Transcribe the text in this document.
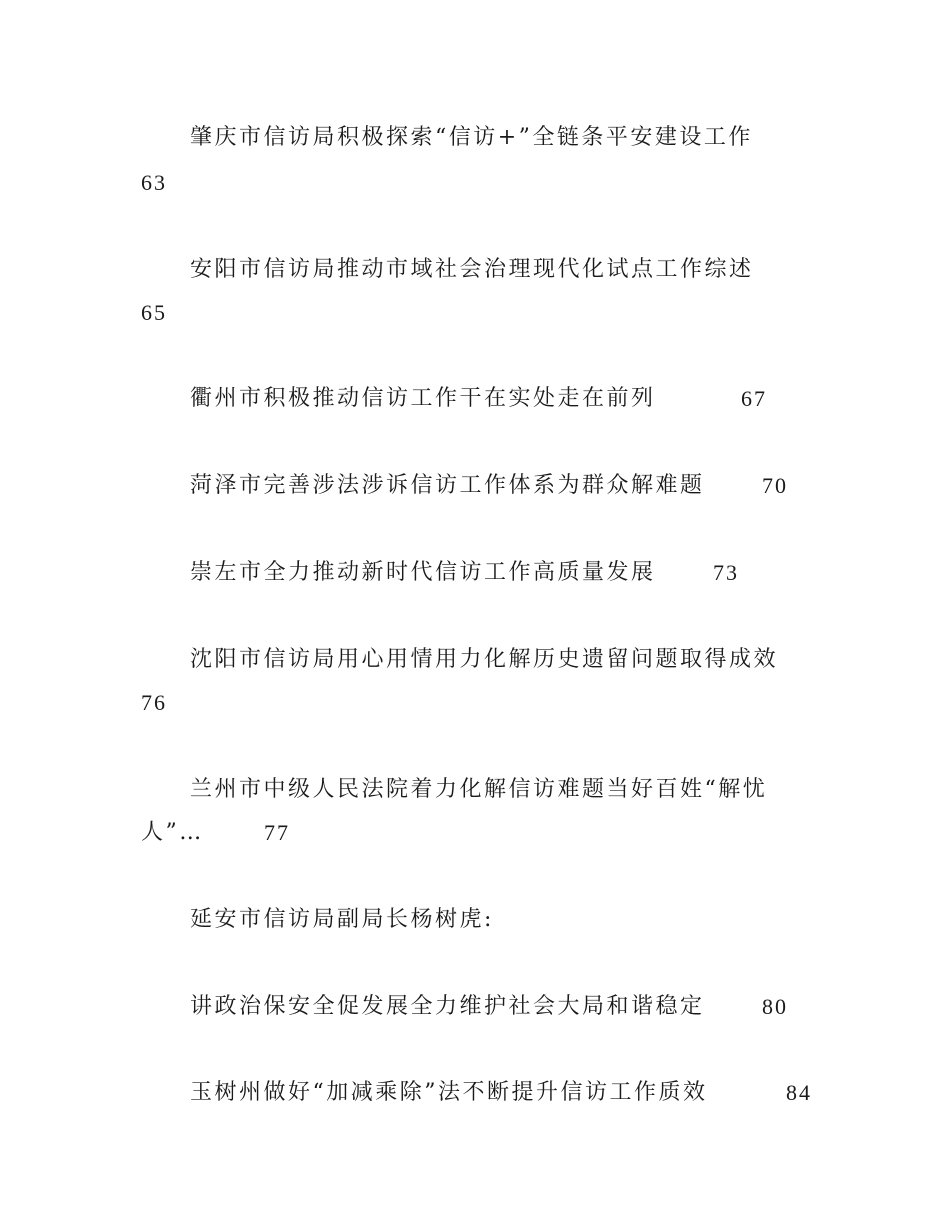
肇庆市信访局积极探索“信访+”全链条平安建设工作
63
安阳市信访局推动市域社会治理现代化试点工作综述
65
衢州市积极推动信访工作干在实处走在前列	67
菏泽市完善涉法涉诉信访工作体系为群众解难题	70
崇左市全力推动新时代信访工作高质量发展	73
沈阳市信访局用心用情用力化解历史遗留问题取得成效
76
兰州市中级人民法院着力化解信访难题当好百姓“解忧
人”…	77
延安市信访局副局长杨树虎:
讲政治保安全促发展全力维护社会大局和谐稳定	80
玉树州做好“加减乘除”法不断提升信访工作质效	84
